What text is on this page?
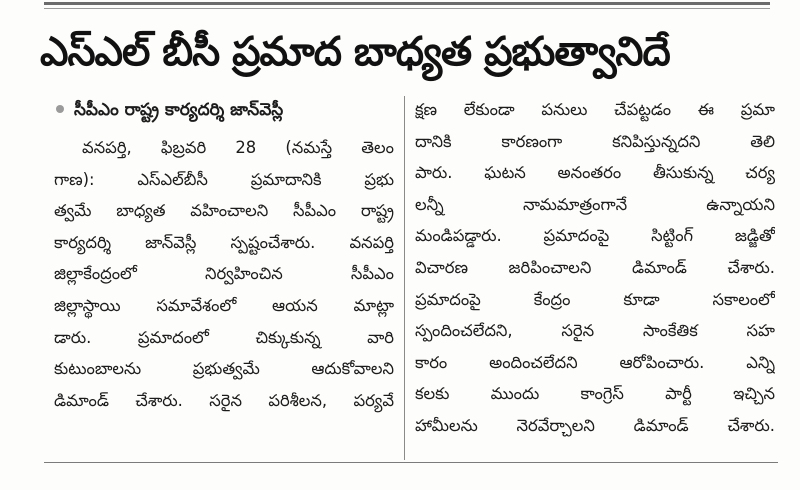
ఎస్ఎల్ బీసీ ప్రమాద బాధ్యత ప్రభుత్వానిదే
సీపీఎం రాష్ట్ర కార్యదర్శి జాన్‌వెస్లీ
వనపర్తి, ఫిబ్రవరి 28 (నమస్తే తెలం
గాణ): ఎస్ఎల్‌బీసీ ప్రమాదానికి ప్రభు
త్వమే బాధ్యత వహించాలని సీపీఎం రాష్ట్ర
కార్యదర్శి జాన్‌వెస్లీ స్పష్టంచేశారు. వనపర్తి
జిల్లాకేంద్రంలో నిర్వహించిన సీపీఎం
జిల్లాస్థాయి సమావేశంలో ఆయన మాట్లా
డారు. ప్రమాదంలో చిక్కుకున్న వారి
కుటుంబాలను ప్రభుత్వమే ఆదుకోవాలని
డిమాండ్ చేశారు. సరైన పరిశీలన, పర్యవే
క్షణ లేకుండా పనులు చేపట్టడం ఈ ప్రమా
దానికి కారణంగా కనిపిస్తున్నదని తెలి
పారు. ఘటన అనంతరం తీసుకున్న చర్య
లన్నీ నామమాత్రంగానే ఉన్నాయని
మండిపడ్డారు. ప్రమాదంపై సిట్టింగ్ జడ్జితో
విచారణ జరిపించాలని డిమాండ్ చేశారు.
ప్రమాదంపై కేంద్రం కూడా సకాలంలో
స్పందించలేదని, సరైన సాంకేతిక సహ
కారం అందించలేదని ఆరోపించారు. ఎన్ని
కలకు ముందు కాంగ్రెస్ పార్టీ ఇచ్చిన
హామీలను నెరవేర్చాలని డిమాండ్ చేశారు.
